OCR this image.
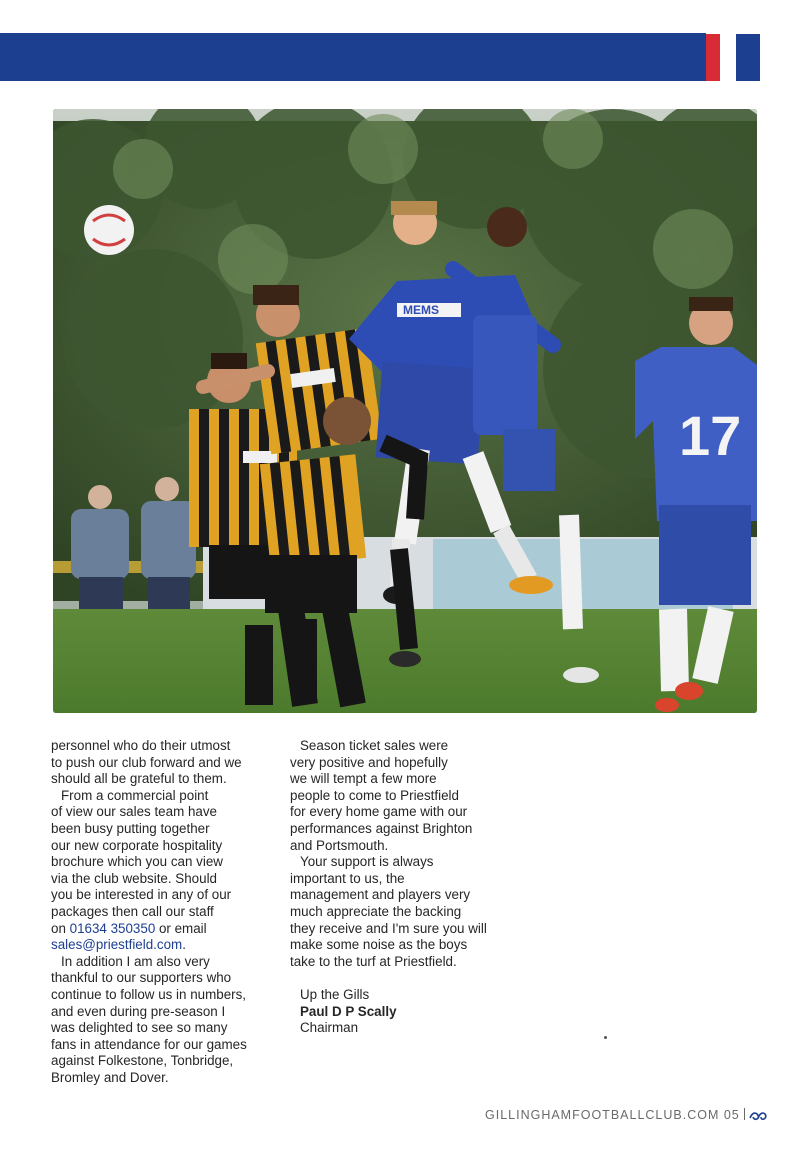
MEMS
17

personnel who do their utmost
to push our club forward and we
should all be grateful to them.

From a commercial point
of view our sales team have
been busy putting together
our new corporate hospitality
brochure which you can view
via the club website. Should
you be interested in any of our
packages then call our staff
on 01634 350350 or email
sales@priestfield.com.

In addition I am also very
thankful to our supporters who
continue to follow us in numbers,
and even during pre-season I
was delighted to see so many
fans in attendance for our games
against Folkestone, Tonbridge,
Bromley and Dover.

Season ticket sales were
very positive and hopefully
we will tempt a few more
people to come to Priestfield
for every home game with our
performances against Brighton
and Portsmouth.

Your support is always
important to us, the
management and players very
much appreciate the backing
they receive and I'm sure you will
make some noise as the boys
take to the turf at Priestfield.

Up the Gills

Paul D P Scally

Chairman

GILLINGHAMFOOTBALLCLUB.COM 05
